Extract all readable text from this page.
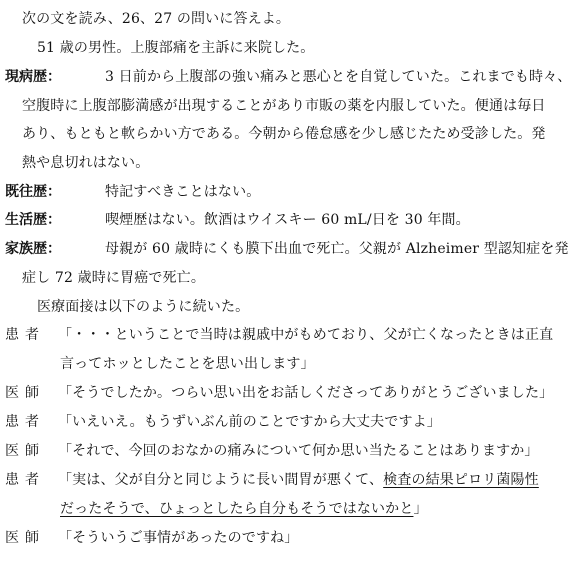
次の文を読み、26、27 の問いに答えよ。
51 歳の男性。上腹部痛を主訴に来院した。
現病歴：	3 日前から上腹部の強い痛みと悪心とを自覚していた。これまでも時々、
空腹時に上腹部膨満感が出現することがあり市販の薬を内服していた。便通は毎日
あり、もともと軟らかい方である。今朝から倦怠感を少し感じたため受診した。発
熱や息切れはない。
既往歴：	特記すべきことはない。
生活歴：	喫煙歴はない。飲酒はウイスキー 60 mL/日を 30 年間。
家族歴：	母親が 60 歳時にくも膜下出血で死亡。父親が Alzheimer 型認知症を発
症し 72 歳時に胃癌で死亡。
医療面接は以下のように続いた。
患者 「・・・ということで当時は親戚中がもめており、父が亡くなったときは正直
言ってホッとしたことを思い出します」
医師 「そうでしたか。つらい思い出をお話しくださってありがとうございました」
患者 「いえいえ。もうずいぶん前のことですから大丈夫ですよ」
医師 「それで、今回のおなかの痛みについて何か思い当たることはありますか」
患者 「実は、父が自分と同じように長い間胃が悪くて、検査の結果ピロリ菌陽性
だったそうで、ひょっとしたら自分もそうではないかと」
医師 「そういうご事情があったのですね」
